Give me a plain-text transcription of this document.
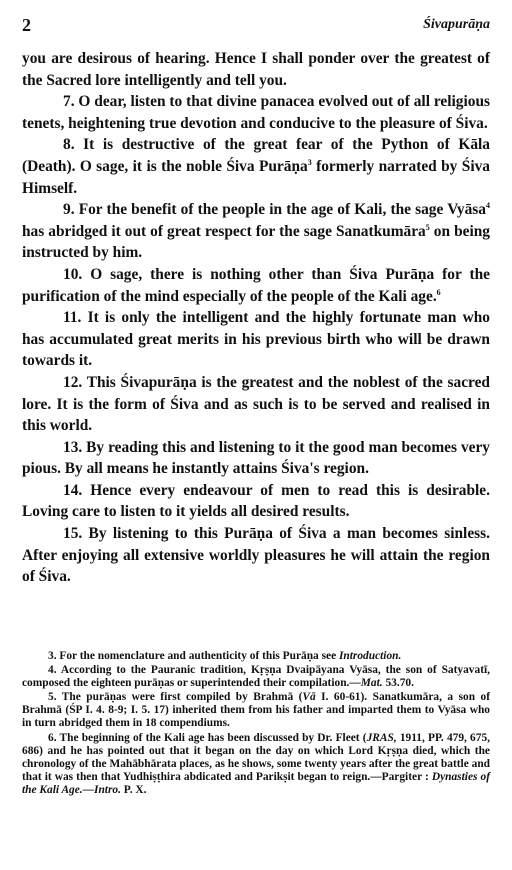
2	Śivapurāṇa

you are desirous of hearing. Hence I shall ponder over the greatest of the Sacred lore intelligently and tell you.

7. O dear, listen to that divine panacea evolved out of all religious tenets, heightening true devotion and conducive to the pleasure of Śiva.

8. It is destructive of the great fear of the Python of Kāla (Death). O sage, it is the noble Śiva Purāṇa$^3$ formerly narrated by Śiva Himself.

9. For the benefit of the people in the age of Kali, the sage Vyāsa$^4$ has abridged it out of great respect for the sage Sanatkumāra$^5$ on being instructed by him.

10. O sage, there is nothing other than Śiva Purāṇa for the purification of the mind especially of the people of the Kali age.$^6$

11. It is only the intelligent and the highly fortunate man who has accumulated great merits in his previous birth who will be drawn towards it.

12. This Śivapurāṇa is the greatest and the noblest of the sacred lore. It is the form of Śiva and as such is to be served and realised in this world.

13. By reading this and listening to it the good man becomes very pious. By all means he instantly attains Śiva's region.

14. Hence every endeavour of men to read this is desirable. Loving care to listen to it yields all desired results.

15. By listening to this Purāṇa of Śiva a man becomes sinless. After enjoying all extensive worldly pleasures he will attain the region of Śiva.

3. For the nomenclature and authenticity of this Purāṇa see Introduction.

4. According to the Pauranic tradition, Kṛṣṇa Dvaipāyana Vyāsa, the son of Satyavatī, composed the eighteen purāṇas or superintended their compilation.—Mat. 53.70.

5. The purāṇas were first compiled by Brahmā (Vā I. 60-61). Sanatkumāra, a son of Brahmā (ŚP I. 4. 8-9; I. 5. 17) inherited them from his father and imparted them to Vyāsa who in turn abridged them in 18 compendiums.

6. The beginning of the Kali age has been discussed by Dr. Fleet (JRAS, 1911, PP. 479, 675, 686) and he has pointed out that it began on the day on which Lord Kṛṣṇa died, which the chronology of the Mahābhārata places, as he shows, some twenty years after the great battle and that it was then that Yudhiṣṭhira abdicated and Parikṣit began to reign.—Pargiter : Dynasties of the Kali Age.—Intro. P. X.
